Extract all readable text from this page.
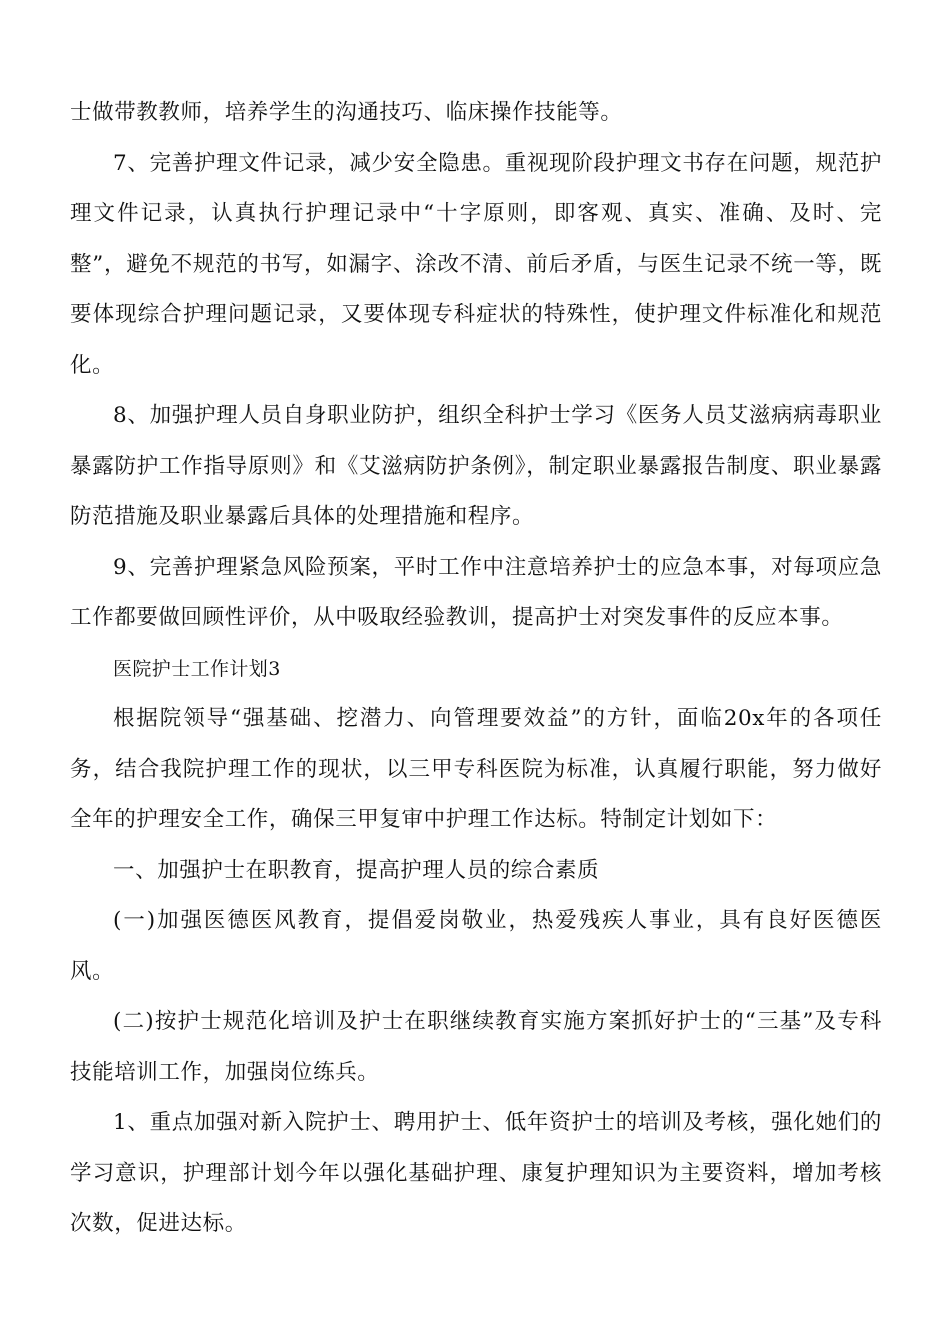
士做带教教师，培养学生的沟通技巧、临床操作技能等。

7、完善护理文件记录，减少安全隐患。重视现阶段护理文书存在问题，规范护理文件记录，认真执行护理记录中“十字原则，即客观、真实、准确、及时、完整”，避免不规范的书写，如漏字、涂改不清、前后矛盾，与医生记录不统一等，既要体现综合护理问题记录，又要体现专科症状的特殊性，使护理文件标准化和规范化。

8、加强护理人员自身职业防护，组织全科护士学习《医务人员艾滋病病毒职业暴露防护工作指导原则》和《艾滋病防护条例》，制定职业暴露报告制度、职业暴露防范措施及职业暴露后具体的处理措施和程序。

9、完善护理紧急风险预案，平时工作中注意培养护士的应急本事，对每项应急工作都要做回顾性评价，从中吸取经验教训，提高护士对突发事件的反应本事。

医院护士工作计划3

根据院领导“强基础、挖潜力、向管理要效益”的方针，面临20x年的各项任务，结合我院护理工作的现状，以三甲专科医院为标准，认真履行职能，努力做好全年的护理安全工作，确保三甲复审中护理工作达标。特制定计划如下：

一、加强护士在职教育，提高护理人员的综合素质

(一)加强医德医风教育，提倡爱岗敬业，热爱残疾人事业，具有良好医德医风。

(二)按护士规范化培训及护士在职继续教育实施方案抓好护士的“三基”及专科技能培训工作，加强岗位练兵。

1、重点加强对新入院护士、聘用护士、低年资护士的培训及考核，强化她们的学习意识，护理部计划今年以强化基础护理、康复护理知识为主要资料，增加考核次数，促进达标。
